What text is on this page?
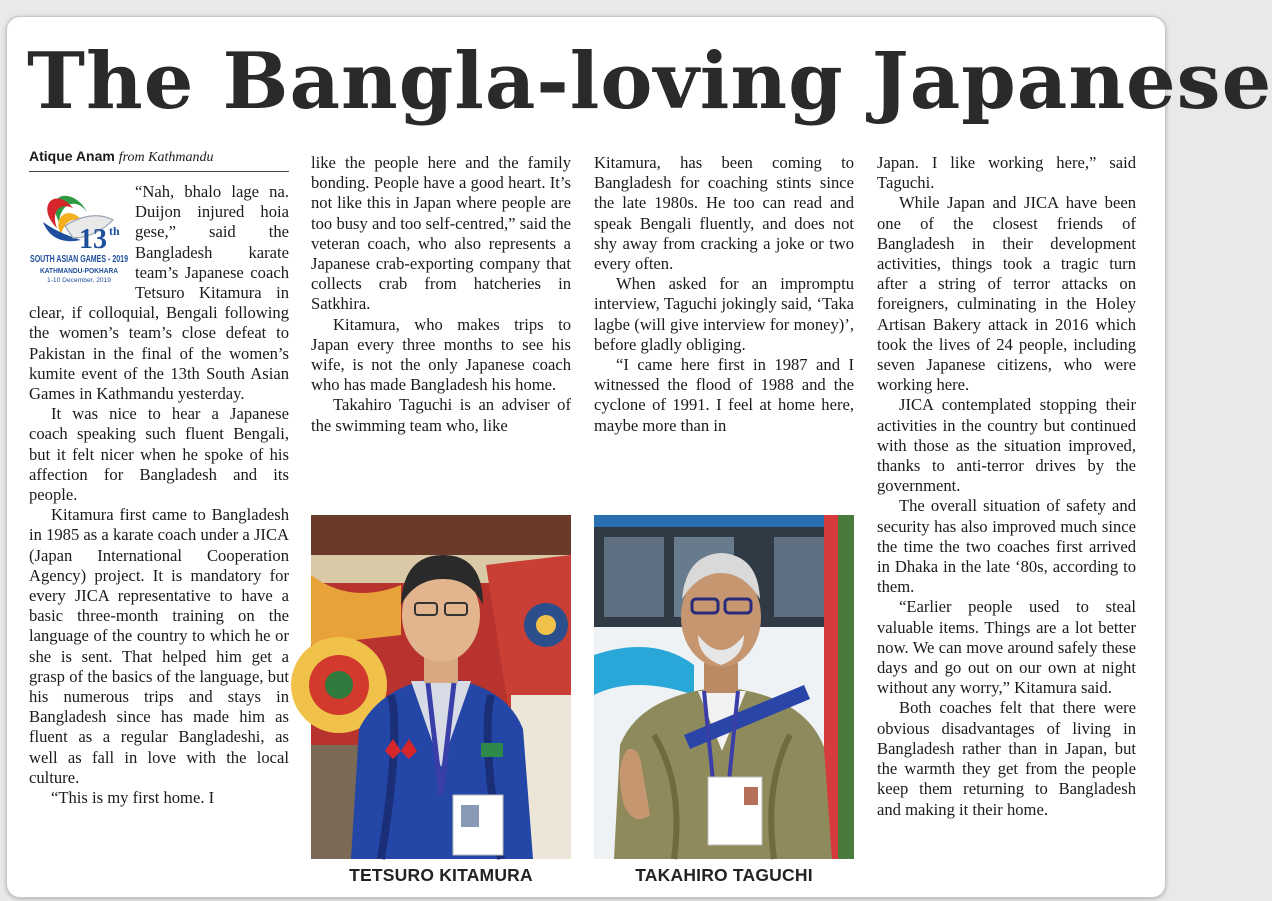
The Bangla-loving Japanese
Atique Anam from Kathmandu
13 th
SOUTH ASIAN GAMES - 2019
KATHMANDU-POKHARA
1-10 December, 2019

“Nah, bhalo lage na. Duijon injured hoia gese,” said the Bangladesh karate team’s Japanese coach Tetsuro Kitamura in clear, if colloquial, Bengali following the women’s team’s close defeat to Pakistan in the final of the women’s kumite event of the 13th South Asian Games in Kathmandu yesterday.

It was nice to hear a Japanese coach speaking such fluent Bengali, but it felt nicer when he spoke of his affection for Bangladesh and its people.

Kitamura first came to Bangladesh in 1985 as a karate coach under a JICA (Japan International Cooperation Agency) project. It is mandatory for every JICA representative to have a basic three-month training on the language of the country to which he or she is sent. That helped him get a grasp of the basics of the language, but his numerous trips and stays in Bangladesh since has made him as fluent as a regular Bangladeshi, as well as fall in love with the local culture.

“This is my first home. I

like the people here and the family bonding. People have a good heart. It’s not like this in Japan where people are too busy and too self-centred,” said the veteran coach, who also represents a Japanese crab-exporting company that collects crab from hatcheries in Satkhira.

Kitamura, who makes trips to Japan every three months to see his wife, is not the only Japanese coach who has made Bangladesh his home.

Takahiro Taguchi is an adviser of the swimming team who, like

Kitamura, has been coming to Bangladesh for coaching stints since the late 1980s. He too can read and speak Bengali fluently, and does not shy away from cracking a joke or two every often.

When asked for an impromptu interview, Taguchi jokingly said, ‘Taka lagbe (will give interview for money)’, before gladly obliging.

“I came here first in 1987 and I witnessed the flood of 1988 and the cyclone of 1991. I feel at home here, maybe more than in

Japan. I like working here,” said Taguchi.

While Japan and JICA have been one of the closest friends of Bangladesh in their development activities, things took a tragic turn after a string of terror attacks on foreigners, culminating in the Holey Artisan Bakery attack in 2016 which took the lives of 24 people, including seven Japanese citizens, who were working here.

JICA contemplated stopping their activities in the country but continued with those as the situation improved, thanks to anti-terror drives by the government.

The overall situation of safety and security has also improved much since the time the two coaches first arrived in Dhaka in the late ‘80s, according to them.

“Earlier people used to steal valuable items. Things are a lot better now. We can move around safely these days and go out on our own at night without any worry,” Kitamura said.

Both coaches felt that there were obvious disadvantages of living in Bangladesh rather than in Japan, but the warmth they get from the people keep them returning to Bangladesh and making it their home.

TETSURO KITAMURA	TAKAHIRO TAGUCHI
